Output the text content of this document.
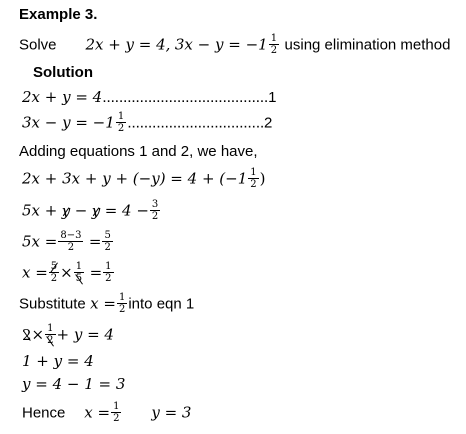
Example 3.
Solve 2x + y = 4, $3x - y = -1 \frac{1}{2}$ using elimination method
Solution
2x + y = 4........................................1
$3x - y = -1 \frac{1}{2} .................................2$
Adding equations 1 and 2, we have,
$2x + 3x + y + (-y) = 4 + (-1 \frac{1}{2}$ )
$5x + y - y = 4 - \frac{3}{2}$
$5x = \frac{8-3}{2} = \frac{5}{2}$
$x = \frac{5}{2} \times \frac{1}{5} = \frac{1}{2}$
Substitute $x = \frac{1}{2}$ into eqn 1
$2\times \frac{1}{2} + y = 4$
1 + y = 4
y = 4 − 1 = 3
Hence $x = \frac{1}{2}$ y = 3
